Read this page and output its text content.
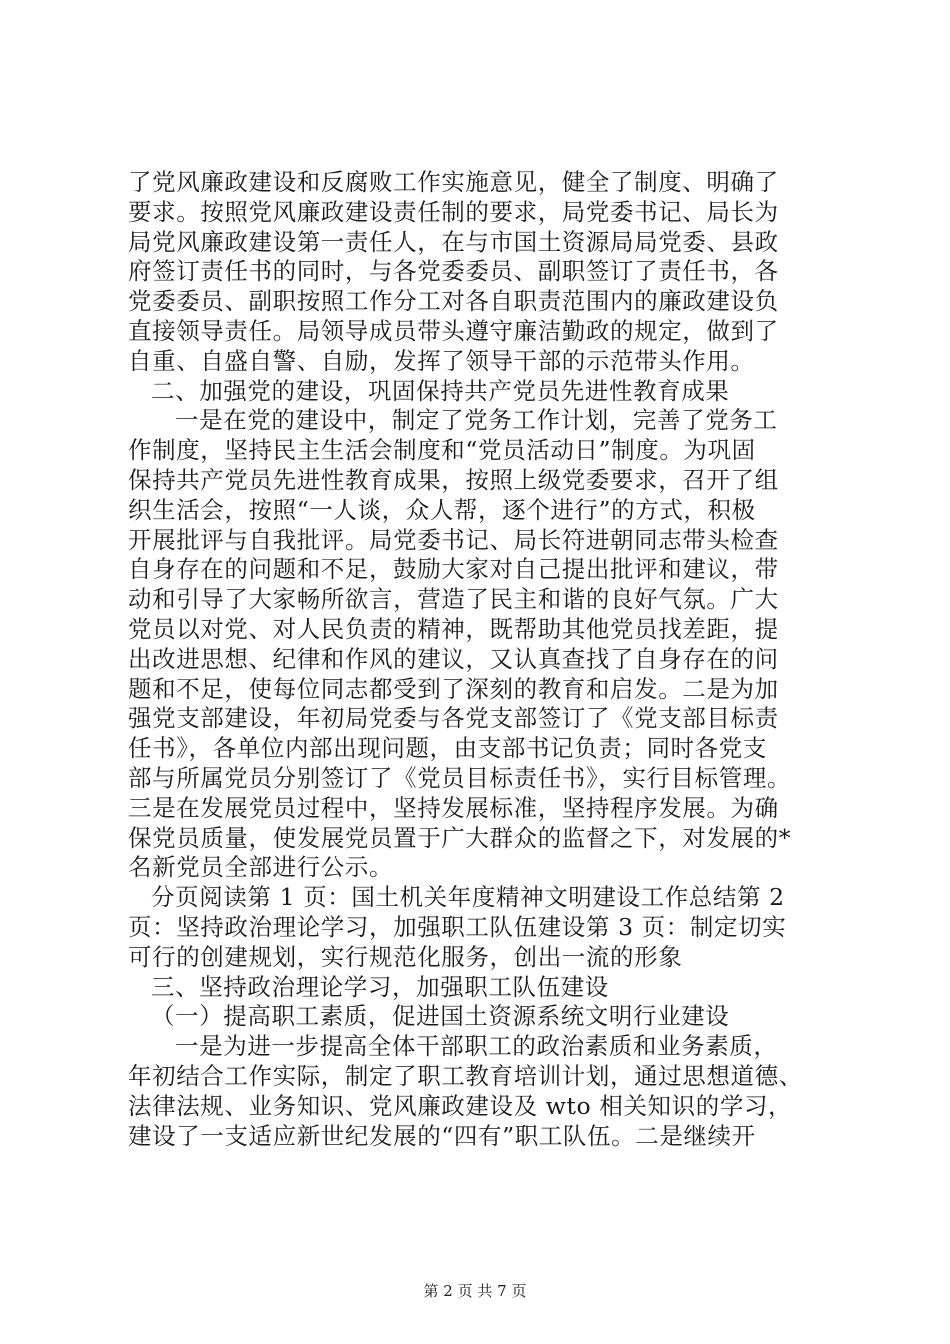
了党风廉政建设和反腐败工作实施意见，健全了制度、明确了
要求。按照党风廉政建设责任制的要求，局党委书记、局长为
局党风廉政建设第一责任人，在与市国土资源局局党委、县政
府签订责任书的同时，与各党委委员、副职签订了责任书，各
党委委员、副职按照工作分工对各自职责范围内的廉政建设负
直接领导责任。局领导成员带头遵守廉洁勤政的规定，做到了
自重、自盛自警、自励，发挥了领导干部的示范带头作用。
二、加强党的建设，巩固保持共产党员先进性教育成果
一是在党的建设中，制定了党务工作计划，完善了党务工
作制度，坚持民主生活会制度和“党员活动日”制度。为巩固
保持共产党员先进性教育成果，按照上级党委要求，召开了组
织生活会，按照“一人谈，众人帮，逐个进行”的方式，积极
开展批评与自我批评。局党委书记、局长符进朝同志带头检查
自身存在的问题和不足，鼓励大家对自己提出批评和建议，带
动和引导了大家畅所欲言，营造了民主和谐的良好气氛。广大
党员以对党、对人民负责的精神，既帮助其他党员找差距，提
出改进思想、纪律和作风的建议，又认真查找了自身存在的问
题和不足，使每位同志都受到了深刻的教育和启发。二是为加
强党支部建设，年初局党委与各党支部签订了《党支部目标责
任书》，各单位内部出现问题，由支部书记负责；同时各党支
部与所属党员分别签订了《党员目标责任书》，实行目标管理。
三是在发展党员过程中，坚持发展标准，坚持程序发展。为确
保党员质量，使发展党员置于广大群众的监督之下，对发展的*
名新党员全部进行公示。
分页阅读第 1 页：国土机关年度精神文明建设工作总结第 2
页：坚持政治理论学习，加强职工队伍建设第 3 页：制定切实
可行的创建规划，实行规范化服务，创出一流的形象
三、坚持政治理论学习，加强职工队伍建设
（一）提高职工素质，促进国土资源系统文明行业建设
一是为进一步提高全体干部职工的政治素质和业务素质，
年初结合工作实际，制定了职工教育培训计划，通过思想道德、
法律法规、业务知识、党风廉政建设及 wto 相关知识的学习，
建设了一支适应新世纪发展的“四有”职工队伍。二是继续开
第 2 页 共 7 页
